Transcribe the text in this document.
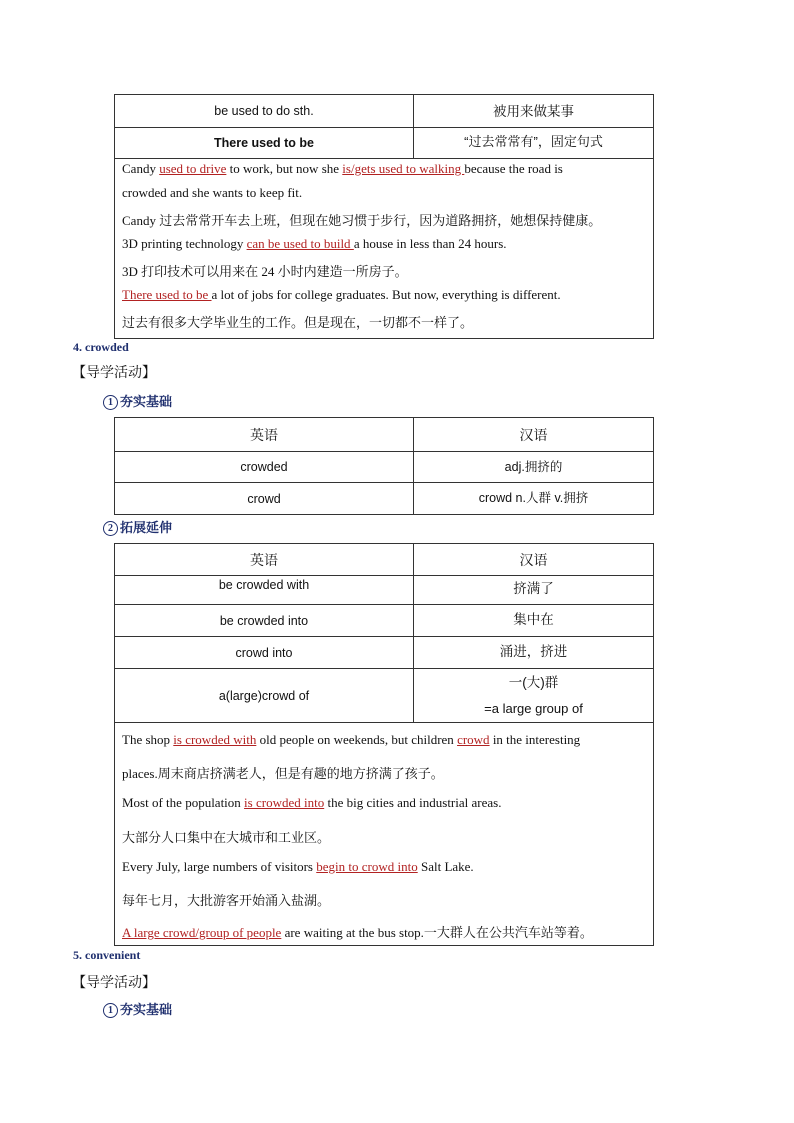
be used to do sth.	被用来做某事
There used to be	“过去常常有”，固定句式
Candy used to drive to work, but now she is/gets used to walking because the road is
crowded and she wants to keep fit.
Candy 过去常常开车去上班，但现在她习惯于步行，因为道路拥挤，她想保持健康。
3D printing technology can be used to build a house in less than 24 hours.
3D 打印技术可以用来在 24 小时内建造一所房子。
There used to be a lot of jobs for college graduates. But now, everything is different.
过去有很多大学毕业生的工作。但是现在，一切都不一样了。
4. crowded
【导学活动】
1 夯实基础
英语	汉语
crowded	adj.拥挤的
crowd	crowd n.人群 v.拥挤
2 拓展延伸
英语	汉语
be crowded with	挤满了
be crowded into	集中在
crowd into	涌进，挤进
a(large)crowd of	一(大)群
=a large group of
The shop is crowded with old people on weekends, but children crowd in the interesting
places.周末商店挤满老人，但是有趣的地方挤满了孩子。
Most of the population is crowded into the big cities and industrial areas.
大部分人口集中在大城市和工业区。
Every July, large numbers of visitors begin to crowd into Salt Lake.
每年七月，大批游客开始涌入盐湖。
A large crowd/group of people are waiting at the bus stop.一大群人在公共汽车站等着。
5. convenient
【导学活动】
1 夯实基础
